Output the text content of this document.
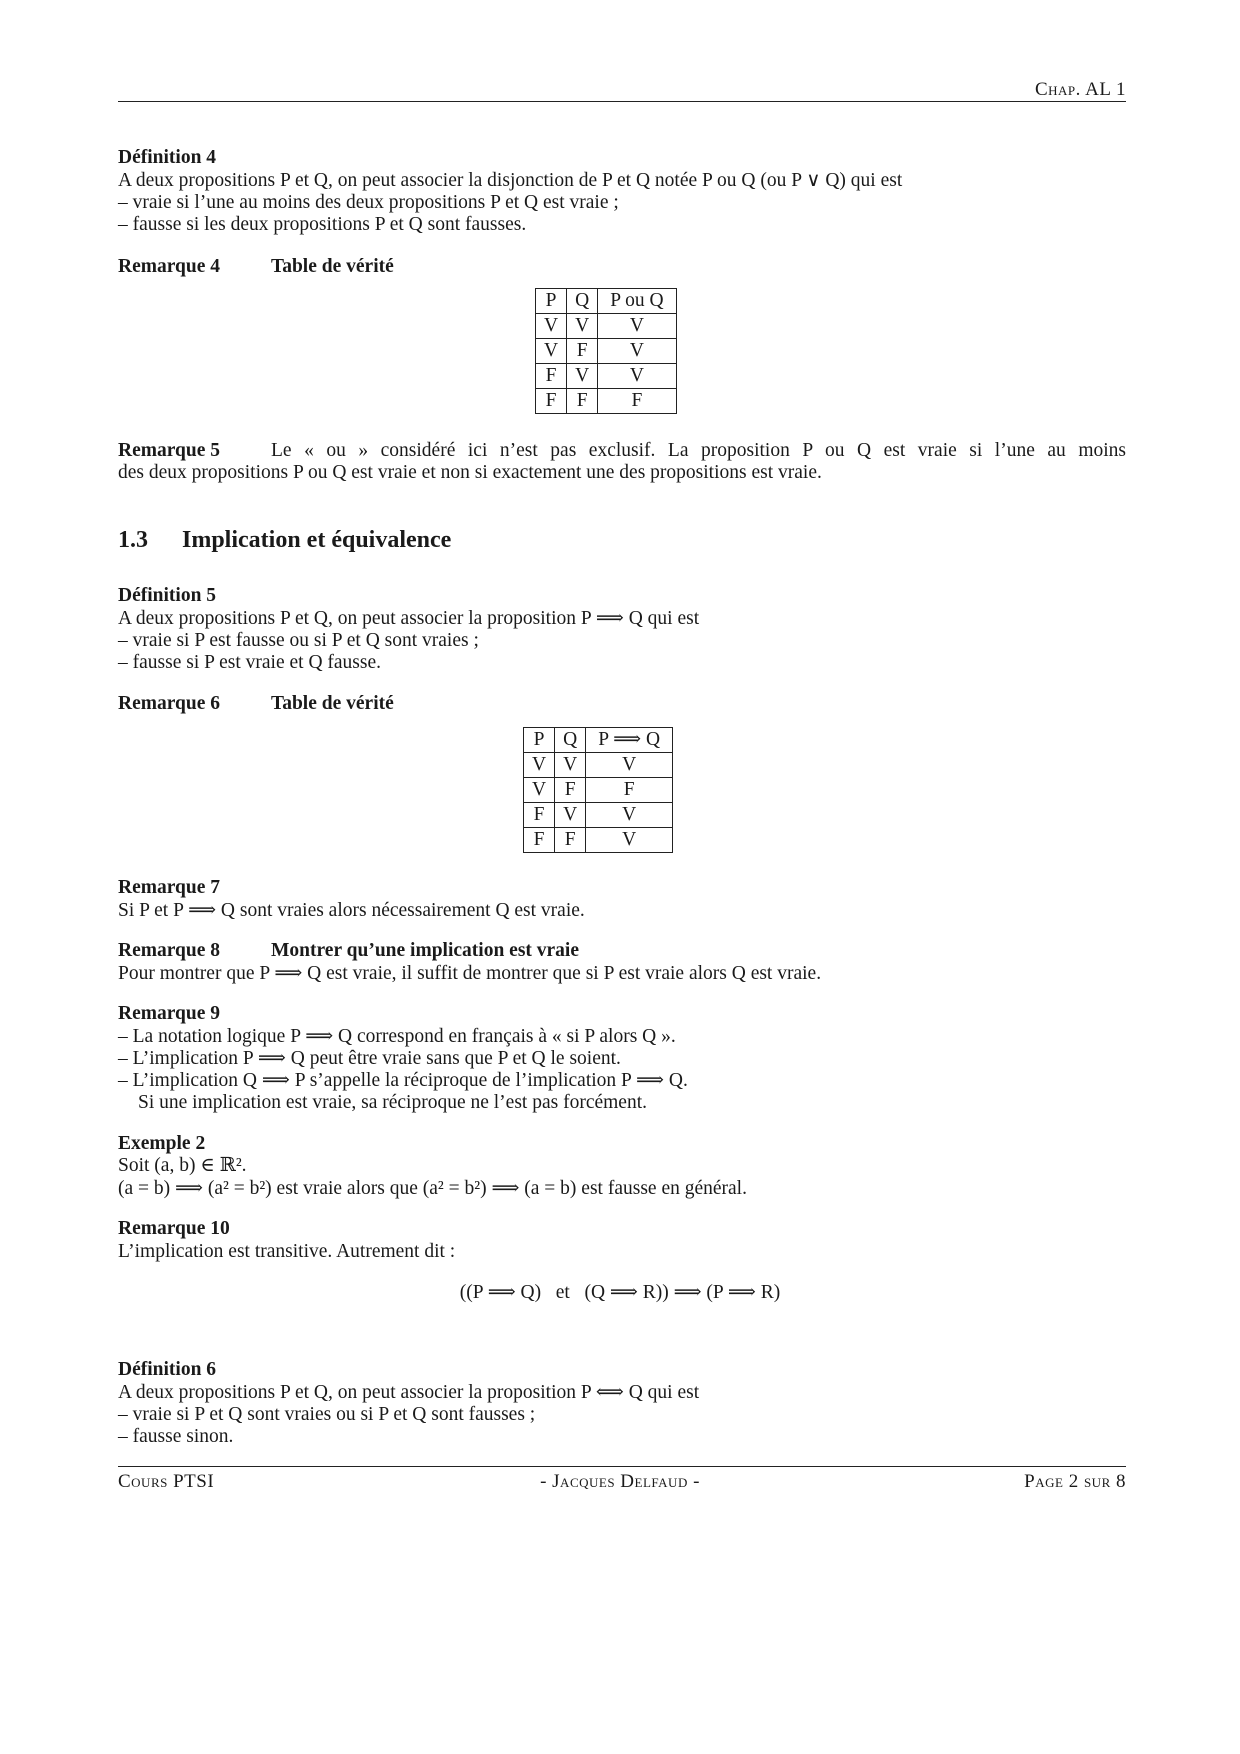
Chap. AL 1
Définition 4
A deux propositions P et Q, on peut associer la disjonction de P et Q notée P ou Q (ou P ∨ Q) qui est
– vraie si l’une au moins des deux propositions P et Q est vraie ;
– fausse si les deux propositions P et Q sont fausses.
Remarque 4	Table de vérité
P	Q	P ou Q
V	V	V
V	F	V
F	V	V
F	F	F
Remarque 5	Le « ou » considéré ici n’est pas exclusif. La proposition P ou Q est vraie si l’une au moins
des deux propositions P ou Q est vraie et non si exactement une des propositions est vraie.
1.3 Implication et équivalence
Définition 5
A deux propositions P et Q, on peut associer la proposition P ⟹ Q qui est
– vraie si P est fausse ou si P et Q sont vraies ;
– fausse si P est vraie et Q fausse.
Remarque 6	Table de vérité
P	Q	P ⟹ Q
V	V	V
V	F	F
F	V	V
F	F	V
Remarque 7
Si P et P ⟹ Q sont vraies alors nécessairement Q est vraie.
Remarque 8	Montrer qu’une implication est vraie
Pour montrer que P ⟹ Q est vraie, il suffit de montrer que si P est vraie alors Q est vraie.
Remarque 9
– La notation logique P ⟹ Q correspond en français à « si P alors Q ».
– L’implication P ⟹ Q peut être vraie sans que P et Q le soient.
– L’implication Q ⟹ P s’appelle la réciproque de l’implication P ⟹ Q.
Si une implication est vraie, sa réciproque ne l’est pas forcément.
Exemple 2
Soit (a, b) ∈ ℝ².
(a = b) ⟹ (a² = b²) est vraie alors que (a² = b²) ⟹ (a = b) est fausse en général.
Remarque 10
L’implication est transitive. Autrement dit :
((P ⟹ Q)   et   (Q ⟹ R)) ⟹ (P ⟹ R)
Définition 6
A deux propositions P et Q, on peut associer la proposition P ⟺ Q qui est
– vraie si P et Q sont vraies ou si P et Q sont fausses ;
– fausse sinon.
Cours PTSI	- Jacques Delfaud -	Page 2 sur 8
